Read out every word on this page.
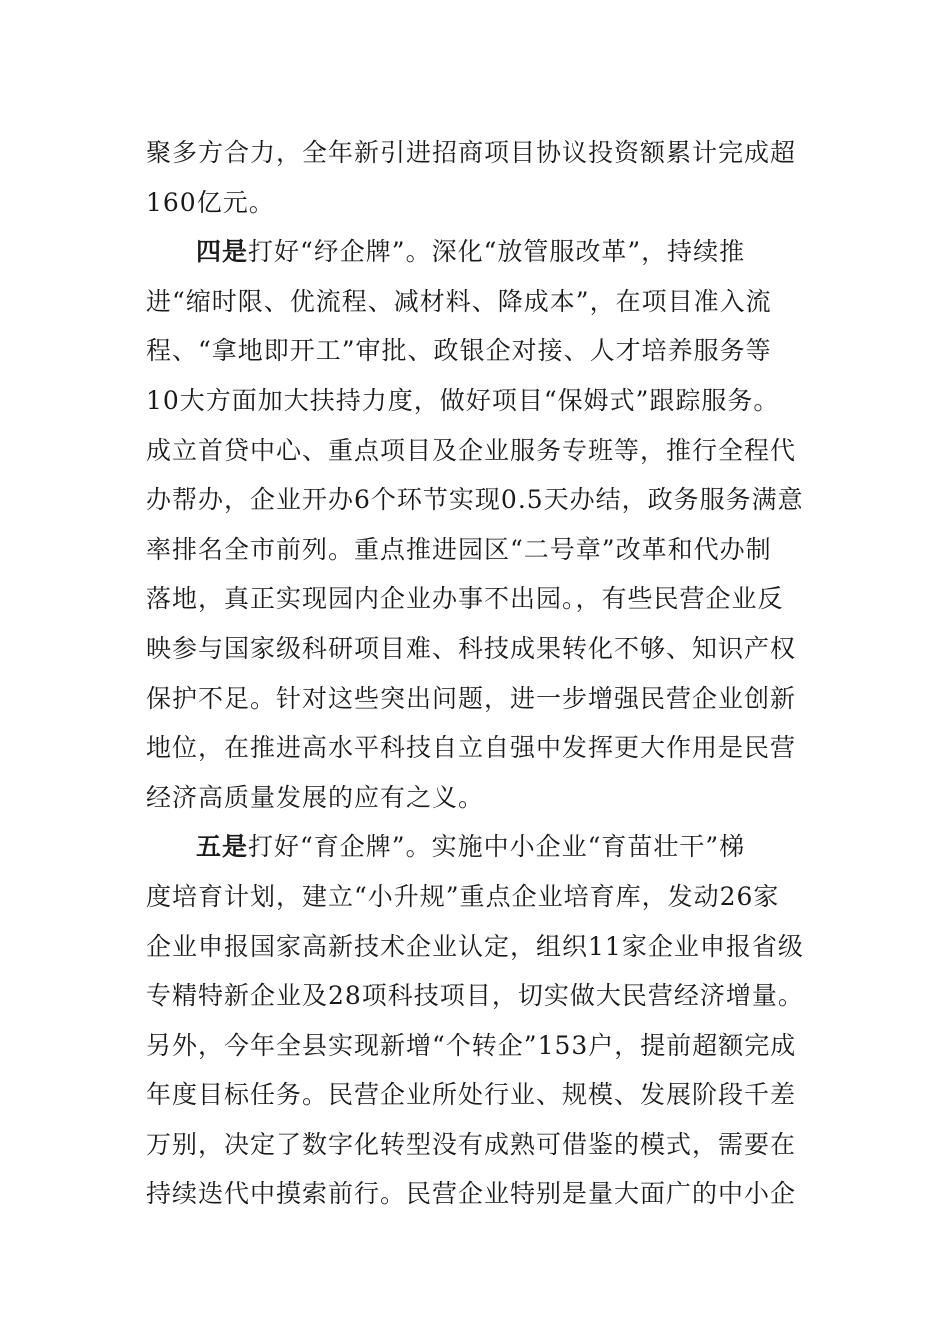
聚多方合力，全年新引进招商项目协议投资额累计完成超
160亿元。
四是打好“纾企牌”。深化“放管服改革”，持续推
进“缩时限、优流程、减材料、降成本”，在项目准入流
程、“拿地即开工”审批、政银企对接、人才培养服务等
10大方面加大扶持力度，做好项目“保姆式”跟踪服务。
成立首贷中心、重点项目及企业服务专班等，推行全程代
办帮办，企业开办6个环节实现0.5天办结，政务服务满意
率排名全市前列。重点推进园区“二号章”改革和代办制
落地，真正实现园内企业办事不出园。，有些民营企业反
映参与国家级科研项目难、科技成果转化不够、知识产权
保护不足。针对这些突出问题，进一步增强民营企业创新
地位，在推进高水平科技自立自强中发挥更大作用是民营
经济高质量发展的应有之义。
五是打好“育企牌”。实施中小企业“育苗壮干”梯
度培育计划，建立“小升规”重点企业培育库，发动26家
企业申报国家高新技术企业认定，组织11家企业申报省级
专精特新企业及28项科技项目，切实做大民营经济增量。
另外，今年全县实现新增“个转企”153户，提前超额完成
年度目标任务。民营企业所处行业、规模、发展阶段千差
万别，决定了数字化转型没有成熟可借鉴的模式，需要在
持续迭代中摸索前行。民营企业特别是量大面广的中小企
